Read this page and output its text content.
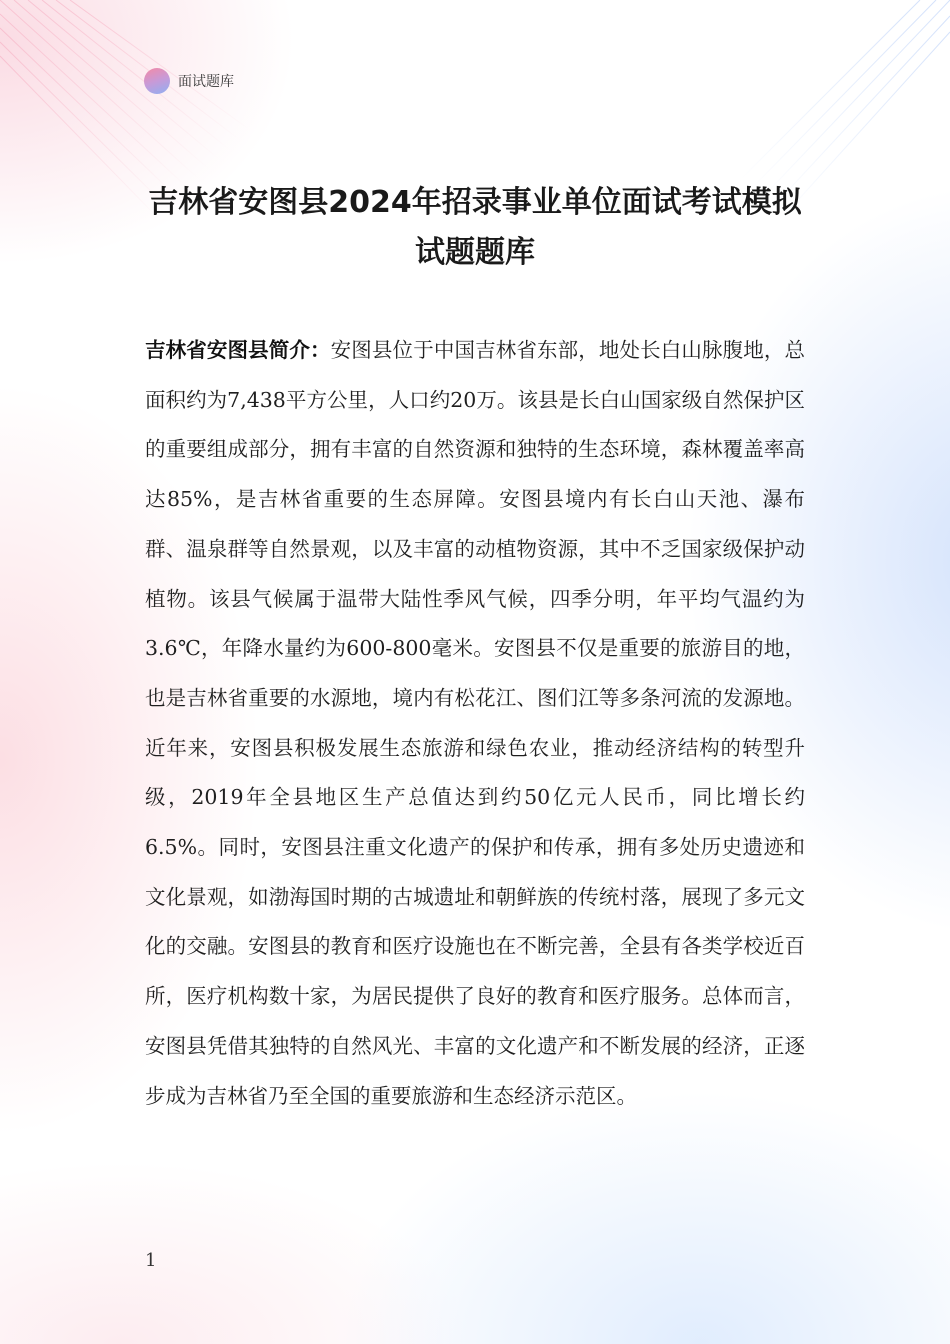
面试题库
吉林省安图县2024年招录事业单位面试考试模拟试题题库
吉林省安图县简介：安图县位于中国吉林省东部，地处长白山脉腹地，总面积约为7,438平方公里，人口约20万。该县是长白山国家级自然保护区的重要组成部分，拥有丰富的自然资源和独特的生态环境，森林覆盖率高达85%，是吉林省重要的生态屏障。安图县境内有长白山天池、瀑布群、温泉群等自然景观，以及丰富的动植物资源，其中不乏国家级保护动植物。该县气候属于温带大陆性季风气候，四季分明，年平均气温约为3.6℃，年降水量约为600-800毫米。安图县不仅是重要的旅游目的地，也是吉林省重要的水源地，境内有松花江、图们江等多条河流的发源地。近年来，安图县积极发展生态旅游和绿色农业，推动经济结构的转型升级，2019年全县地区生产总值达到约50亿元人民币，同比增长约6.5%。同时，安图县注重文化遗产的保护和传承，拥有多处历史遗迹和文化景观，如渤海国时期的古城遗址和朝鲜族的传统村落，展现了多元文化的交融。安图县的教育和医疗设施也在不断完善，全县有各类学校近百所，医疗机构数十家，为居民提供了良好的教育和医疗服务。总体而言，安图县凭借其独特的自然风光、丰富的文化遗产和不断发展的经济，正逐步成为吉林省乃至全国的重要旅游和生态经济示范区。
1
